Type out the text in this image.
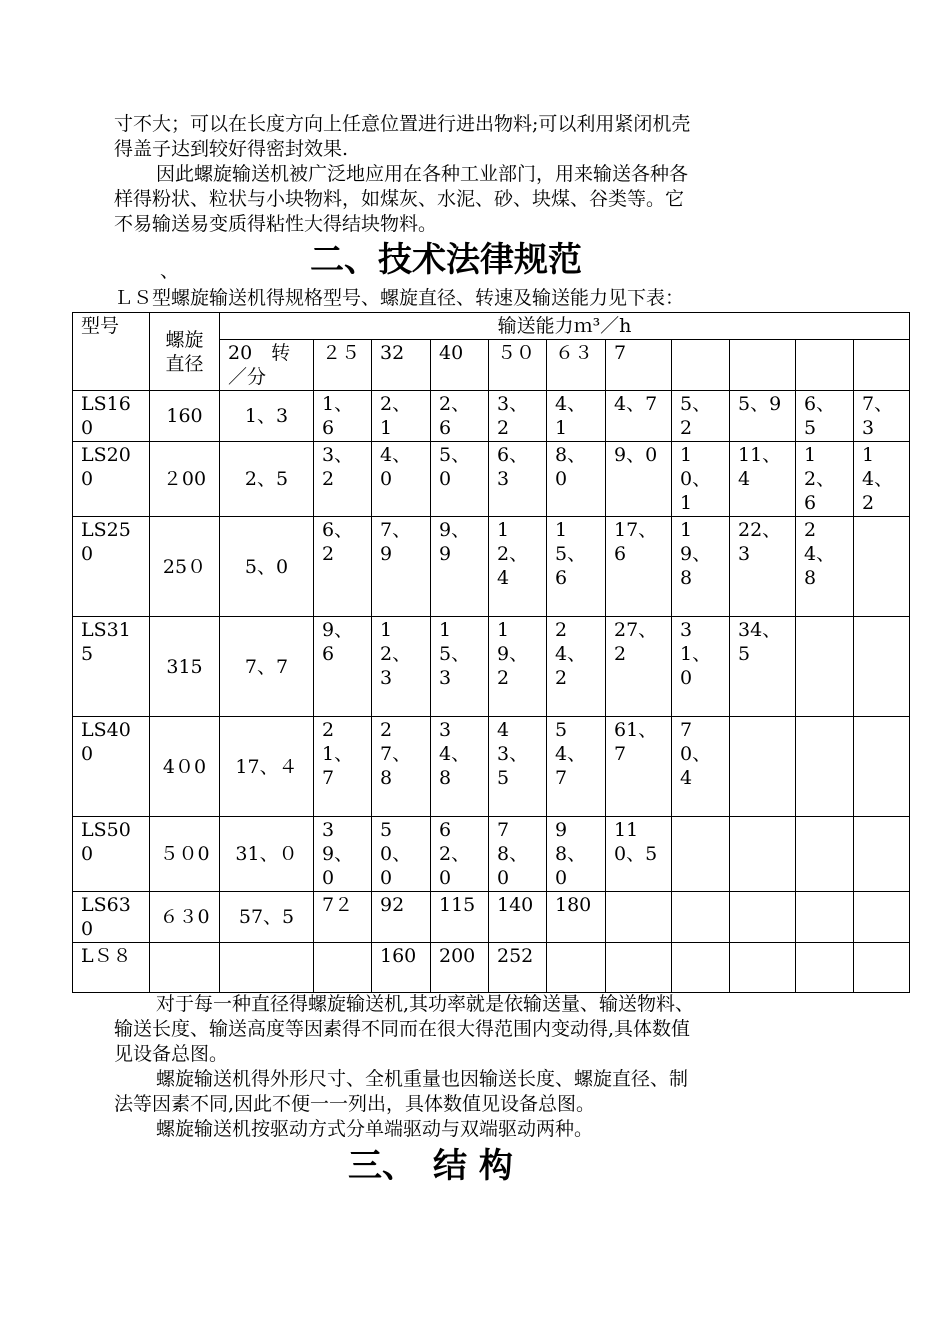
寸不大；可以在长度方向上任意位置进行进出物料;可以利用紧闭机壳

得盖子达到较好得密封效果.

因此螺旋输送机被广泛地应用在各种工业部门，用来输送各种各

样得粉状、粒状与小块物料，如煤灰、水泥、砂、块煤、谷类等。它

不易输送易变质得粘性大得结块物料。

、	二、技术法律规范

ＬＳ型螺旋输送机得规格型号、螺旋直径、转速及输送能力见下表：

型号	螺旋直径	输送能力ｍ³／h										
		20　转／分	２５	32	40	５０	６３	7				
LS160	160	1、3	1、6	2、1	2、6	3、2	4、1	4、7	5、2	5、9	6、5	7、3
LS200	２00	2、5	3、2	4、0	5、0	6、3	8、0	9、0	10、1	11、4	12、6	14、2
LS250	25０	5、0	6、2	7、9	9、9	12、4	15、6	17、6	19、8	22、3	24、8	
LS315	315	7、7	9、6	12、3	15、3	19、2	24、2	27、2	31、0	34、5		
LS400	4０0	17、４	21、7	27、8	34、8	43、5	54、7	61、7	70、4			
LS500	５０0	31、０	39、0	50、0	62、0	78、0	98、0	110、5				
LS630	６３0	57、5	7２	92	115	140	180					
LＳ８				160	200	252						

对于每一种直径得螺旋输送机,其功率就是依输送量、输送物料、

输送长度、输送高度等因素得不同而在很大得范围内变动得,具体数值

见设备总图。

螺旋输送机得外形尺寸、全机重量也因输送长度、螺旋直径、制

法等因素不同,因此不便一一列出，具体数值见设备总图。

螺旋输送机按驱动方式分单端驱动与双端驱动两种。

三、　结 构
